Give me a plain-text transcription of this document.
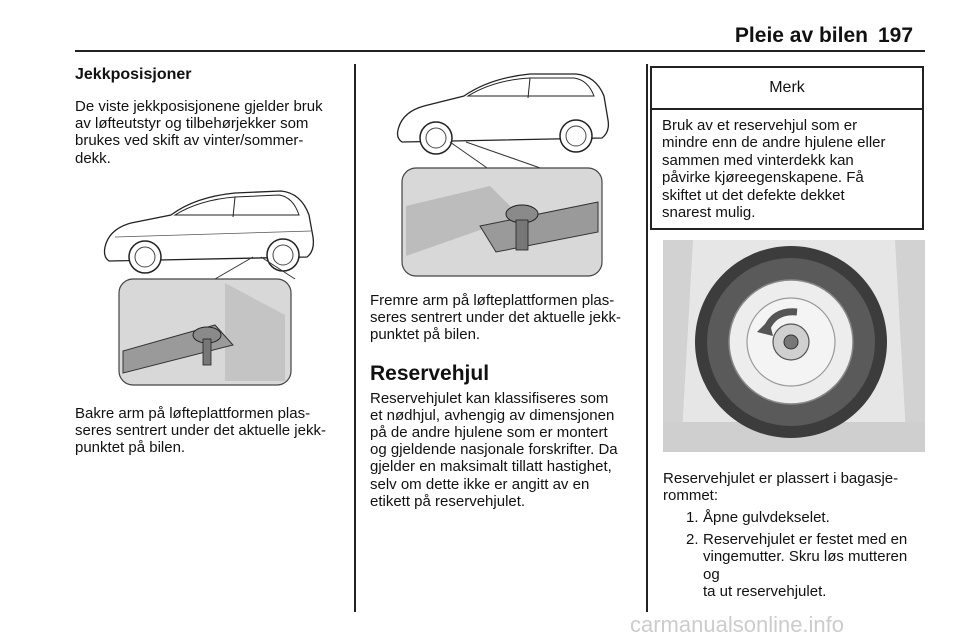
Pleie av bilen 197

Jekkposisjoner

De viste jekkposisjonene gjelder bruk
av løfteutstyr og tilbehørjekker som
brukes ved skift av vinter/sommer-
dekk.

Bakre arm på løfteplattformen plas-
seres sentrert under det aktuelle jekk-
punktet på bilen.

Fremre arm på løfteplattformen plas-
seres sentrert under det aktuelle jekk-
punktet på bilen.

Reservehjul

Reservehjulet kan klassifiseres som
et nødhjul, avhengig av dimensjonen
på de andre hjulene som er montert
og gjeldende nasjonale forskrifter. Da
gjelder en maksimalt tillatt hastighet,
selv om dette ikke er angitt av en
etikett på reservehjulet.

Merk
Bruk av et reservehjul som er
mindre enn de andre hjulene eller
sammen med vinterdekk kan
påvirke kjøreegenskapene. Få
skiftet ut det defekte dekket
snarest mulig.

Reservehjulet er plassert i bagasje-
rommet:

1. Åpne gulvdekselet.
2. Reservehjulet er festet med en
vingemutter. Skru løs mutteren og
ta ut reservehjulet.
carmanualsonline.info
